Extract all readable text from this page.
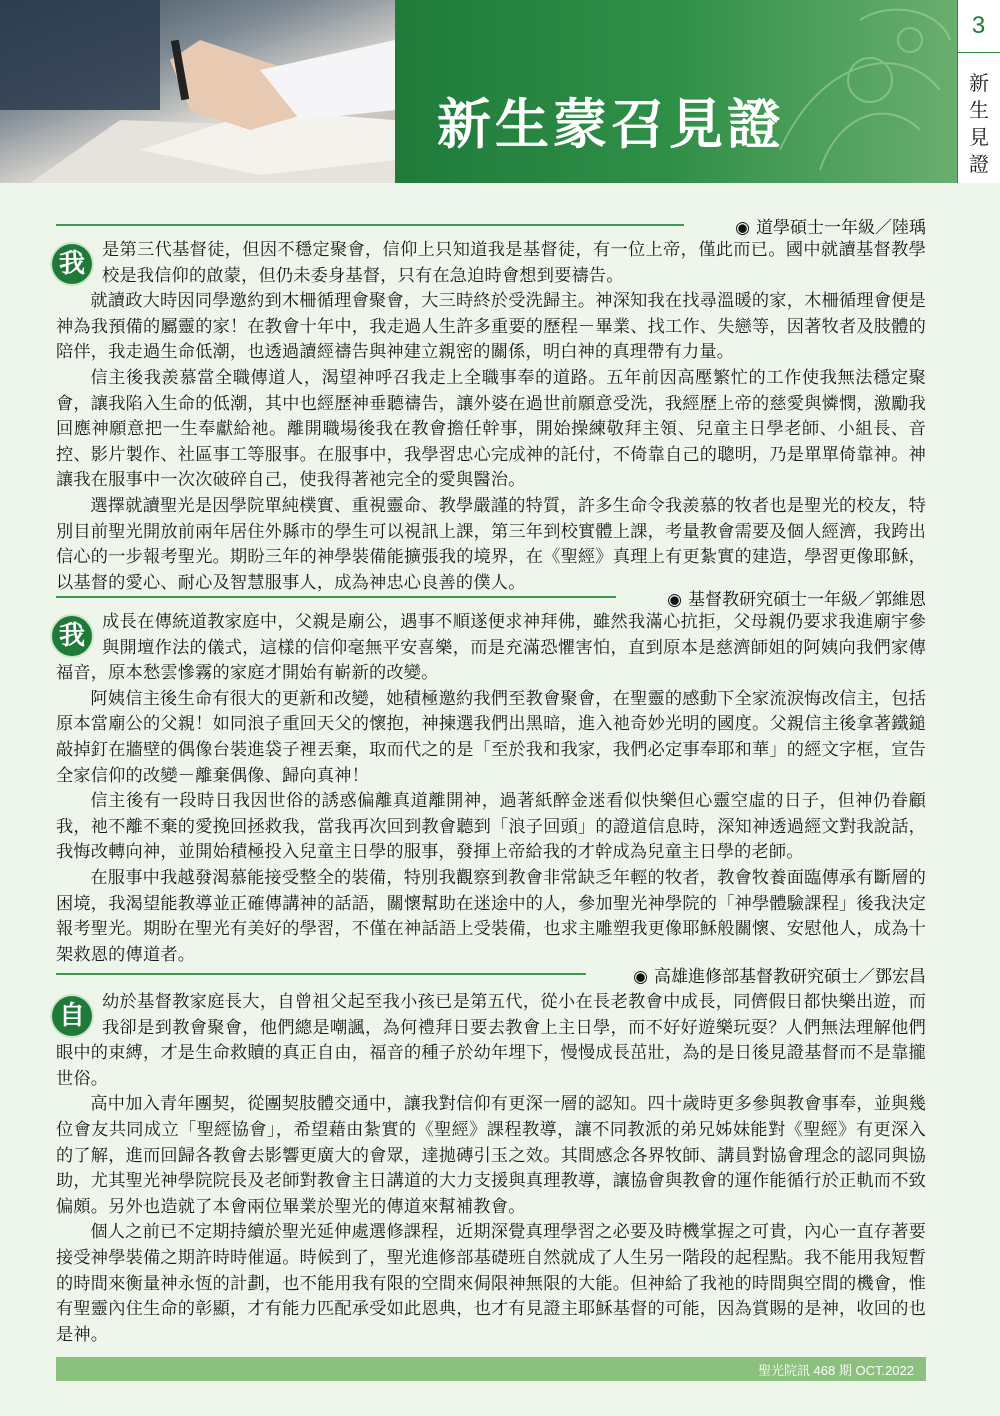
新生蒙召見證
3
新
生
見
證
◉ 道學碩士一年級／陸瑀
我 是第三代基督徒，但因不穩定聚會，信仰上只知道我是基督徒，有一位上帝，僅此而已。國中就讀基督教學校是我信仰的啟蒙，但仍未委身基督，只有在急迫時會想到要禱告。

就讀政大時因同學邀約到木柵循理會聚會，大三時終於受洗歸主。神深知我在找尋溫暖的家，木柵循理會便是神為我預備的屬靈的家！在教會十年中，我走過人生許多重要的歷程－畢業、找工作、失戀等，因著牧者及肢體的陪伴，我走過生命低潮，也透過讀經禱告與神建立親密的關係，明白神的真理帶有力量。

信主後我羨慕當全職傳道人，渴望神呼召我走上全職事奉的道路。五年前因高壓繁忙的工作使我無法穩定聚會，讓我陷入生命的低潮，其中也經歷神垂聽禱告，讓外婆在過世前願意受洗，我經歷上帝的慈愛與憐憫，激勵我回應神願意把一生奉獻給祂。離開職場後我在教會擔任幹事，開始操練敬拜主領、兒童主日學老師、小組長、音控、影片製作、社區事工等服事。在服事中，我學習忠心完成神的託付，不倚靠自己的聰明，乃是單單倚靠神。神讓我在服事中一次次破碎自己，使我得著祂完全的愛與醫治。

選擇就讀聖光是因學院單純樸實、重視靈命、教學嚴謹的特質，許多生命令我羨慕的牧者也是聖光的校友，特別目前聖光開放前兩年居住外縣市的學生可以視訊上課，第三年到校實體上課，考量教會需要及個人經濟，我跨出信心的一步報考聖光。期盼三年的神學裝備能擴張我的境界，在《聖經》真理上有更紮實的建造，學習更像耶穌，以基督的愛心、耐心及智慧服事人，成為神忠心良善的僕人。

◉ 基督教研究碩士一年級／郭維恩
我 成長在傳統道教家庭中，父親是廟公，遇事不順遂便求神拜佛，雖然我滿心抗拒，父母親仍要求我進廟宇參與開壇作法的儀式，這樣的信仰毫無平安喜樂，而是充滿恐懼害怕，直到原本是慈濟師姐的阿姨向我們家傳福音，原本愁雲慘霧的家庭才開始有嶄新的改變。

阿姨信主後生命有很大的更新和改變，她積極邀約我們至教會聚會，在聖靈的感動下全家流淚悔改信主，包括原本當廟公的父親！如同浪子重回天父的懷抱，神揀選我們出黑暗，進入祂奇妙光明的國度。父親信主後拿著鐵鎚敲掉釘在牆壁的偶像台裝進袋子裡丟棄，取而代之的是「至於我和我家，我們必定事奉耶和華」的經文字框，宣告全家信仰的改變－離棄偶像、歸向真神！

信主後有一段時日我因世俗的誘惑偏離真道離開神，過著紙醉金迷看似快樂但心靈空虛的日子，但神仍眷顧我，祂不離不棄的愛挽回拯救我，當我再次回到教會聽到「浪子回頭」的證道信息時，深知神透過經文對我說話，我悔改轉向神，並開始積極投入兒童主日學的服事，發揮上帝給我的才幹成為兒童主日學的老師。

在服事中我越發渴慕能接受整全的裝備，特別我觀察到教會非常缺乏年輕的牧者，教會牧養面臨傳承有斷層的困境，我渴望能教導並正確傳講神的話語，關懷幫助在迷途中的人，參加聖光神學院的「神學體驗課程」後我決定報考聖光。期盼在聖光有美好的學習，不僅在神話語上受裝備，也求主雕塑我更像耶穌般關懷、安慰他人，成為十架救恩的傳道者。

◉ 高雄進修部基督教研究碩士／鄧宏昌
自 幼於基督教家庭長大，自曾祖父起至我小孩已是第五代，從小在長老教會中成長，同儕假日都快樂出遊，而我卻是到教會聚會，他們總是嘲諷，為何禮拜日要去教會上主日學，而不好好遊樂玩耍？人們無法理解他們眼中的束縛，才是生命救贖的真正自由，福音的種子於幼年埋下，慢慢成長茁壯，為的是日後見證基督而不是靠攏世俗。

高中加入青年團契，從團契肢體交通中，讓我對信仰有更深一層的認知。四十歲時更多參與教會事奉，並與幾位會友共同成立「聖經協會」，希望藉由紮實的《聖經》課程教導，讓不同教派的弟兄姊妹能對《聖經》有更深入的了解，進而回歸各教會去影響更廣大的會眾，達拋磚引玉之效。其間感念各界牧師、講員對協會理念的認同與協助，尤其聖光神學院院長及老師對教會主日講道的大力支援與真理教導，讓協會與教會的運作能循行於正軌而不致偏頗。另外也造就了本會兩位畢業於聖光的傳道來幫補教會。

個人之前已不定期持續於聖光延伸處選修課程，近期深覺真理學習之必要及時機掌握之可貴，內心一直存著要接受神學裝備之期許時時催逼。時候到了，聖光進修部基礎班自然就成了人生另一階段的起程點。我不能用我短暫的時間來衡量神永恆的計劃，也不能用我有限的空間來侷限神無限的大能。但神給了我祂的時間與空間的機會，惟有聖靈內住生命的彰顯，才有能力匹配承受如此恩典，也才有見證主耶穌基督的可能，因為賞賜的是神，收回的也是神。

聖光院訊 468 期 OCT.2022
